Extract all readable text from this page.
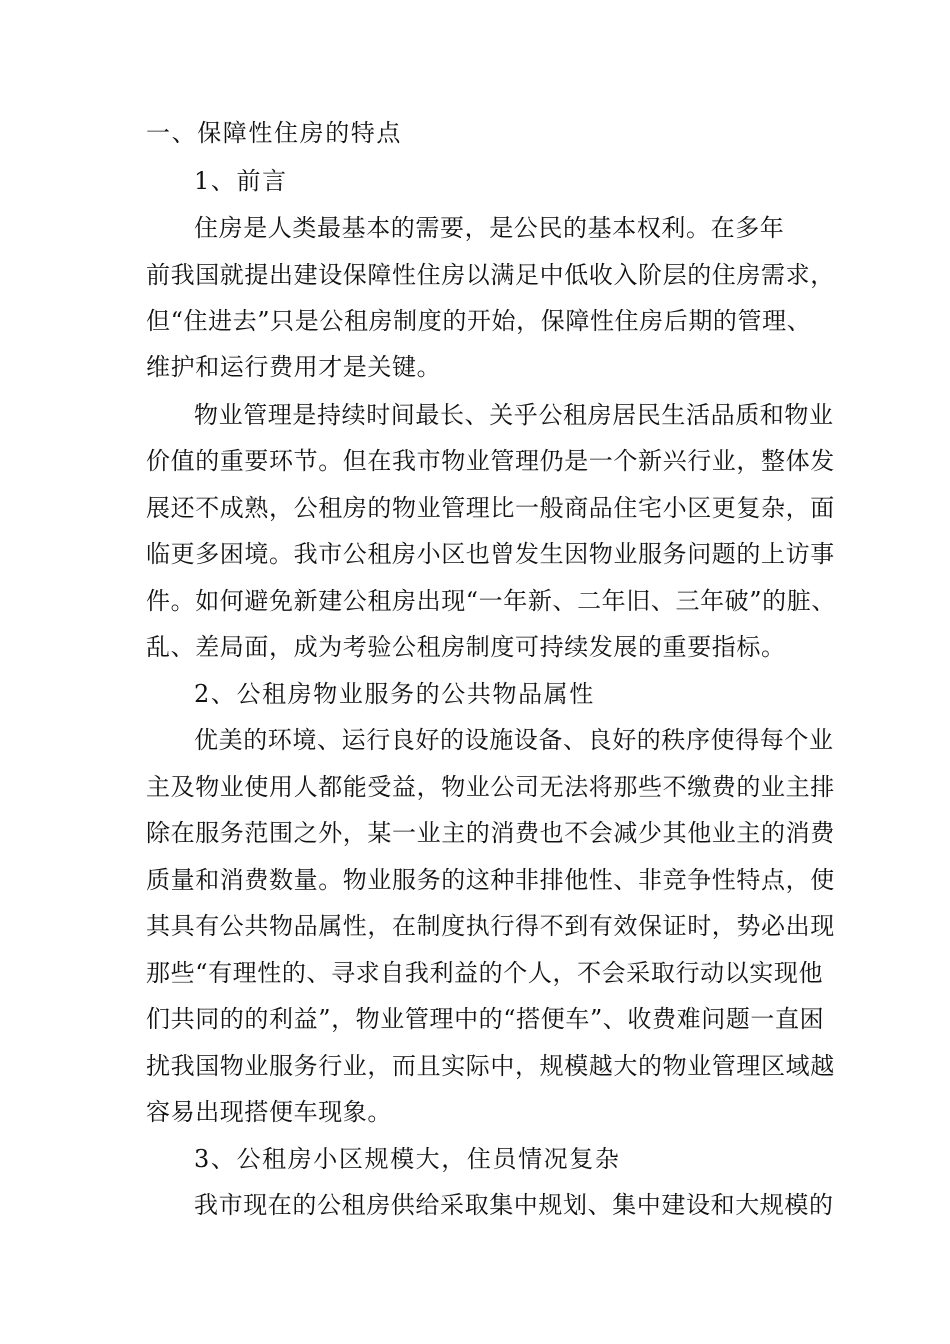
一、保障性住房的特点
1、前言
住房是人类最基本的需要，是公民的基本权利。在多年
前我国就提出建设保障性住房以满足中低收入阶层的住房需求，
但“住进去”只是公租房制度的开始，保障性住房后期的管理、
维护和运行费用才是关键。
物业管理是持续时间最长、关乎公租房居民生活品质和物业
价值的重要环节。但在我市物业管理仍是一个新兴行业，整体发
展还不成熟，公租房的物业管理比一般商品住宅小区更复杂，面
临更多困境。我市公租房小区也曾发生因物业服务问题的上访事
件。如何避免新建公租房出现“一年新、二年旧、三年破”的脏、
乱、差局面，成为考验公租房制度可持续发展的重要指标。
2、公租房物业服务的公共物品属性
优美的环境、运行良好的设施设备、良好的秩序使得每个业
主及物业使用人都能受益，物业公司无法将那些不缴费的业主排
除在服务范围之外，某一业主的消费也不会减少其他业主的消费
质量和消费数量。物业服务的这种非排他性、非竞争性特点，使
其具有公共物品属性，在制度执行得不到有效保证时，势必出现
那些“有理性的、寻求自我利益的个人，不会采取行动以实现他
们共同的的利益”，物业管理中的“搭便车”、收费难问题一直困
扰我国物业服务行业，而且实际中，规模越大的物业管理区域越
容易出现搭便车现象。
3、公租房小区规模大，住员情况复杂
我市现在的公租房供给采取集中规划、集中建设和大规模的
